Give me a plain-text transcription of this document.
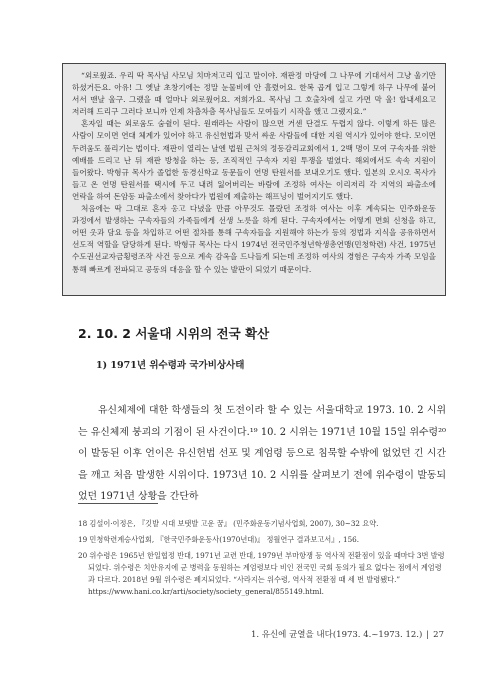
“외로웠죠. 우리 딱 목사님 사모님 치마저고리 입고 말이야. 재판정 마당에 그 나무에 기대서서 그냥 울기만 하셨거든요. 아유! 그 옛날 초창기에는 정말 눈물비에 안 흘렸어요. 한복 곱게 입고 그렇게 하구 나무에 붙어 서서 맨날 울구. 그랬을 때 얼마나 외로웠어요. 저희가요. 목사님 그 호출차에 실고 가면 막 울! 합내세요고 저러해 드리구 그러다 보니까 인제 차츰차츰 목사님들도 모여들기 시작을 했고 그랬지요.”

혼자일 때는 외로움도 숨쉴이 된다. 원래라는 사람이 많으면 거센 단결도 두렵지 않다. 이렇게 하든 많은 사람이 모이면 연대 체계가 있어야 하고 유신헌법과 맞서 싸운 사람들에 대한 지원 역시가 있어야 한다. 모이면 두려움도 풀리기는 법이다. 재판이 열리는 날엔 법원 근처의 정동감리교회에서 1, 2백 명이 모여 구속자를 위한 예배를 드리고 난 뒤 재판 방청을 하는 등, 조직적인 구속자 지원 투쟁을 벌였다. 해외에서도 속속 지원이 들어왔다. 박형규 목사가 졸업한 동경신학교 동문들이 연명 탄원서를 보내오기도 했다. 일본의 오시오 목사가 들고 온 연명 탄원서를 택시에 두고 내려 잃어버리는 바람에 조정하 여사는 이리저리 각 지역의 파출소에 연락을 하여 돈암동 파출소에서 찾아다가 법원에 제출하는 해프닝이 벌어지기도 했다.

처음에는 딱 그대로 혼자 옹고 다녔을 만큼 아무것도 몰랐던 조정하 여사는 이후 계속되는 민주화운동 과정에서 발생하는 구속자들의 가족들에게 선생 노릇을 하게 된다. 구속자에서는 어떻게 면회 신청을 하고, 어떤 옷과 담요 등을 차입하고 어떤 절차를 통해 구속자들을 지원해야 하는가 등의 정법과 지식을 공유하면서 선도적 역할을 담당하게 된다. 박형규 목사는 다시 1974년 전국민주청년학생총연맹(민청학련) 사건, 1975년 수도권선교자금횡령조작 사건 등으로 계속 감옥을 드나들게 되는데 조정하 여사의 경험은 구속자 가족 모임을 통해 빠르게 전파되고 공동의 대응을 할 수 있는 발판이 되었기 때문이다.

2. 10. 2 서울대 시위의 전국 확산
1) 1971년 위수령과 국가비상사태

유신체제에 대한 학생들의 첫 도전이라 할 수 있는 서울대학교 1973. 10. 2 시위는 유신체제 붕괴의 기점이 된 사건이다.¹⁹ 10. 2 시위는 1971년 10월 15일 위수령²⁰이 발동된 이후 언이은 유신헌법 선포 및 계엄령 등으로 침묵할 수밖에 없었던 긴 시간을 깨고 처음 발생한 시위이다. 1973년 10. 2 시위를 살펴보기 전에 위수령이 발동되었던 1971년 상황을 간단하

18 김설이·이정은, 『깃발 시대 보탯발 고운 꿈』 (민주화운동기념사업회, 2007), 30~32 요약.

19 민청학련계승사업회, 『한국민주화운동사(1970년대)』 정월연구 결과보고서』, 156.

20 위수령은 1965년 한일협정 반대, 1971년 교련 반대, 1979년 부마항쟁 등 역사적 전환점이 있을 때마다 3번 발령되었다. 위수령은 치안유지에 군 병력을 동원하는 계엄령보다 비인 전국민 국회 동의가 필요 없다는 점에서 계엄령과 다르다. 2018년 9월 위수령은 폐지되었다. “사라지는 위수령, 역사적 전환점 때 세 번 발령됐다.” https://www.hani.co.kr/arti/society/society_general/855149.html.

1. 유신에 균열을 내다(1973. 4.~1973. 12.) | 27
